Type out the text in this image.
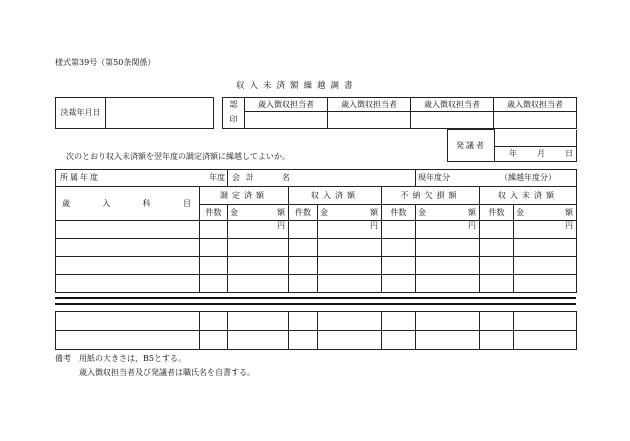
様式第39号（第50条関係）
収入未済額繰越調書
決裁年月日	
認	歳入徴収担当者	歳入徴収担当者	歳入徴収担当者	歳入徴収担当者
印				
発議者	
年	月	日
次のとおり収入未済額を翌年度の調定済額に繰越してよいか。
所属年度 年度		会計 名				現年度分 （繰越年度分）		

歳 入 科 目	調定済額		収入済額		不納欠損額		収入未済額	
	件数	金 額	件数	金 額	件数	金 額	件数	金 額

		円		円		円		円

備考 用紙の大きさは，B5とする。
歳入徴収担当者及び発議者は職氏名を自書する。
